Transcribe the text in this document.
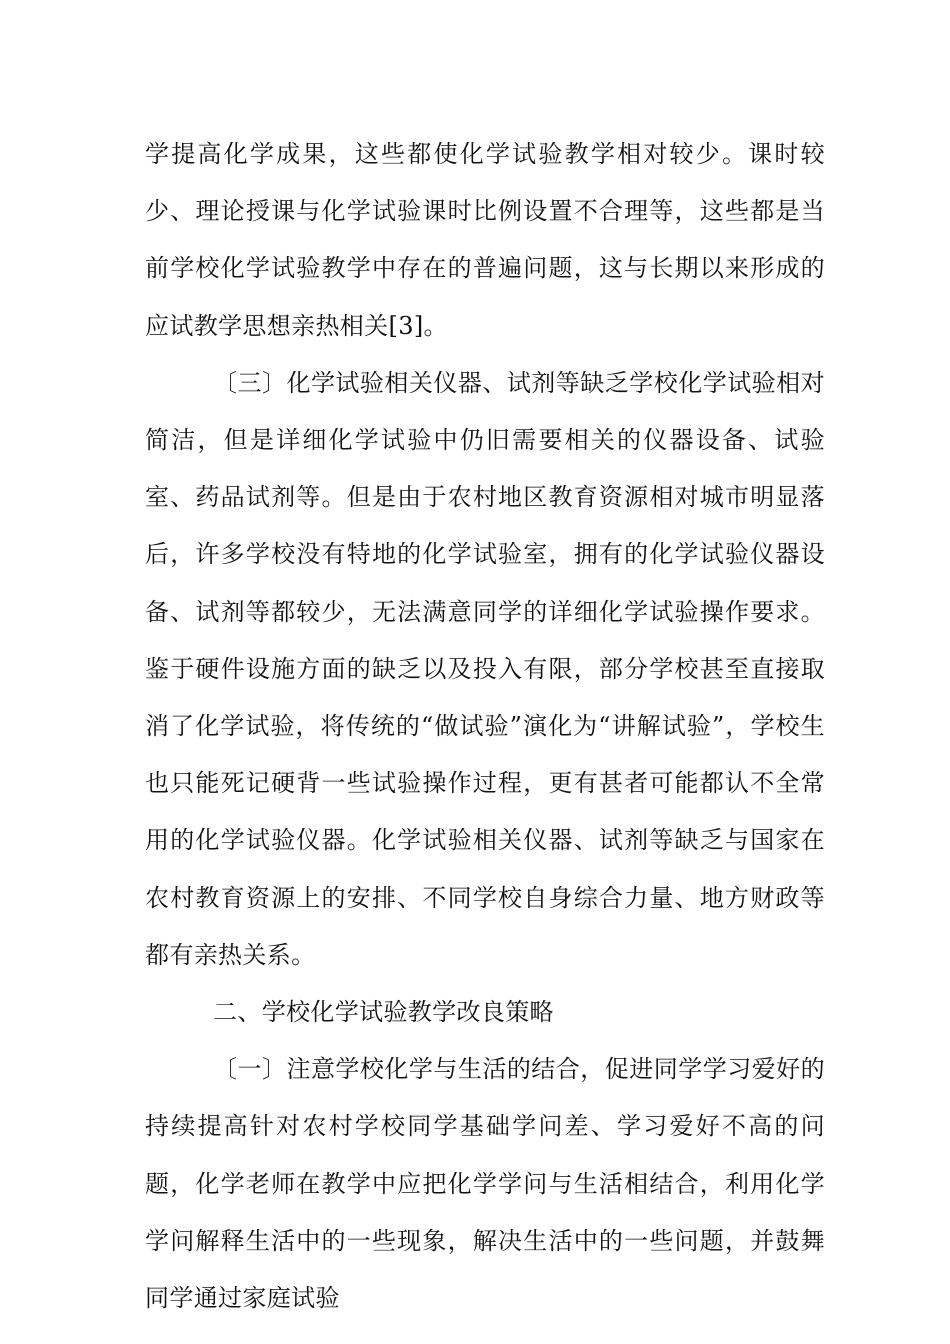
学提高化学成果，这些都使化学试验教学相对较少。课时较少、理论授课与化学试验课时比例设置不合理等，这些都是当前学校化学试验教学中存在的普遍问题，这与长期以来形成的应试教学思想亲热相关[3]。

〔三〕化学试验相关仪器、试剂等缺乏学校化学试验相对简洁，但是详细化学试验中仍旧需要相关的仪器设备、试验室、药品试剂等。但是由于农村地区教育资源相对城市明显落后，许多学校没有特地的化学试验室，拥有的化学试验仪器设备、试剂等都较少，无法满意同学的详细化学试验操作要求。鉴于硬件设施方面的缺乏以及投入有限，部分学校甚至直接取消了化学试验，将传统的“做试验”演化为“讲解试验”，学校生也只能死记硬背一些试验操作过程，更有甚者可能都认不全常用的化学试验仪器。化学试验相关仪器、试剂等缺乏与国家在农村教育资源上的安排、不同学校自身综合力量、地方财政等都有亲热关系。

二、学校化学试验教学改良策略

〔一〕注意学校化学与生活的结合，促进同学学习爱好的持续提高针对农村学校同学基础学问差、学习爱好不高的问题，化学老师在教学中应把化学学问与生活相结合，利用化学学问解释生活中的一些现象，解决生活中的一些问题，并鼓舞同学通过家庭试验
